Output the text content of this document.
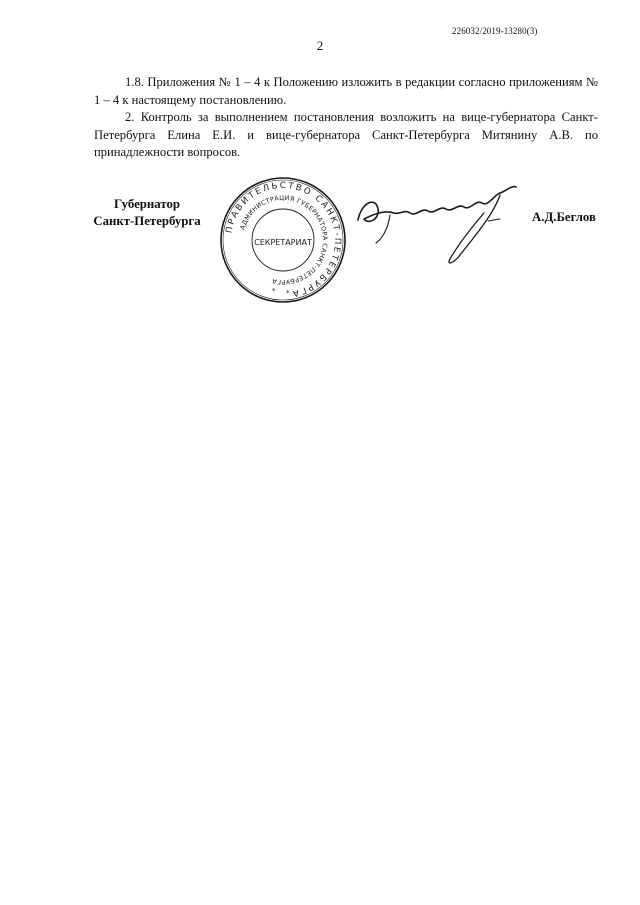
226032/2019-13280(3)
2

1.8. Приложения № 1 – 4 к Положению изложить в редакции согласно приложениям № 1 – 4 к настоящему постановлению.

2. Контроль за выполнением постановления возложить на вице-губернатора Санкт-Петербурга Елина Е.И. и вице-губернатора Санкт-Петербурга Митянину А.В. по принадлежности вопросов.

Губернатор
Санкт-Петербурга
ПРАВИТЕЛЬСТВО САНКТ-ПЕТЕРБУРГА
АДМИНИСТРАЦИЯ ГУБЕРНАТОРА САНКТ-ПЕТЕРБУРГА
СЕКРЕТАРИАТ
* *
А.Д.Беглов
